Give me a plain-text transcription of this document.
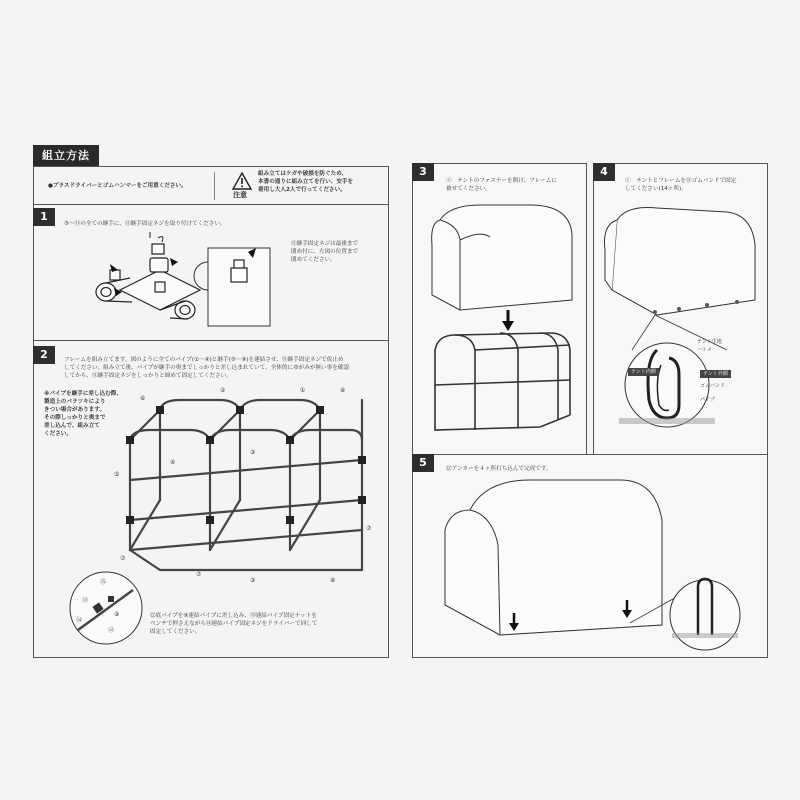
組立方法
●プラスドライバーとゴムハンマーをご用意ください。
注意
組み立てはケガや破損を防ぐため、
本書の通りに組み立てを行い、安手を
着用し大人2人で行ってください。
1
⑤〜⑪の全ての継手に、⑪継手固定ネジを取り付けてください。
⑪継手固定ネジは最後まで
閉め付に、左図の位置まで
閉めてください。
2	フレームを組み立てます。図のように全てのパイプ(①〜④)と継手(⑤〜⑨)を連結させ、⑪継手固定ネジで仮止め
してください。組み立て後、パイプが継手の奥までしっかりと差し込まれていて、全体的にゆがみが無い事を確認
してから、⑪継手固定ネジをしっかりと締めて固定してください。
※パイプを継手に差し込む際、
製造上のバラツキにより
きつい場合があります。
その際しっかりと奥まで
差し込んで、組み立て
ください。
⑫底パイプを⑨連結パイプに差し込み、⑬連結パイプ固定ナットを
ペンチで押さえながら⑭連結パイプ固定ネジをドライバーで回して
固定してください。
⑤
⑥
②	①	⑧
④
③
⑦
③	⑧
⑦
⑦
⑮
⑬
⑭
⑨
⑫
3
ⓒ　テントのファスナーを開け、フレームに
被せてください。
4
ⓒ　テントとフレームを⑪ゴムバンドで固定
してください(14ヶ所)。
テント生地
ハトメ
テント内側	テント外側
ゴムバンド
パイプ
5	⑫アンカーを４ヶ所打ち込んで完成です。
